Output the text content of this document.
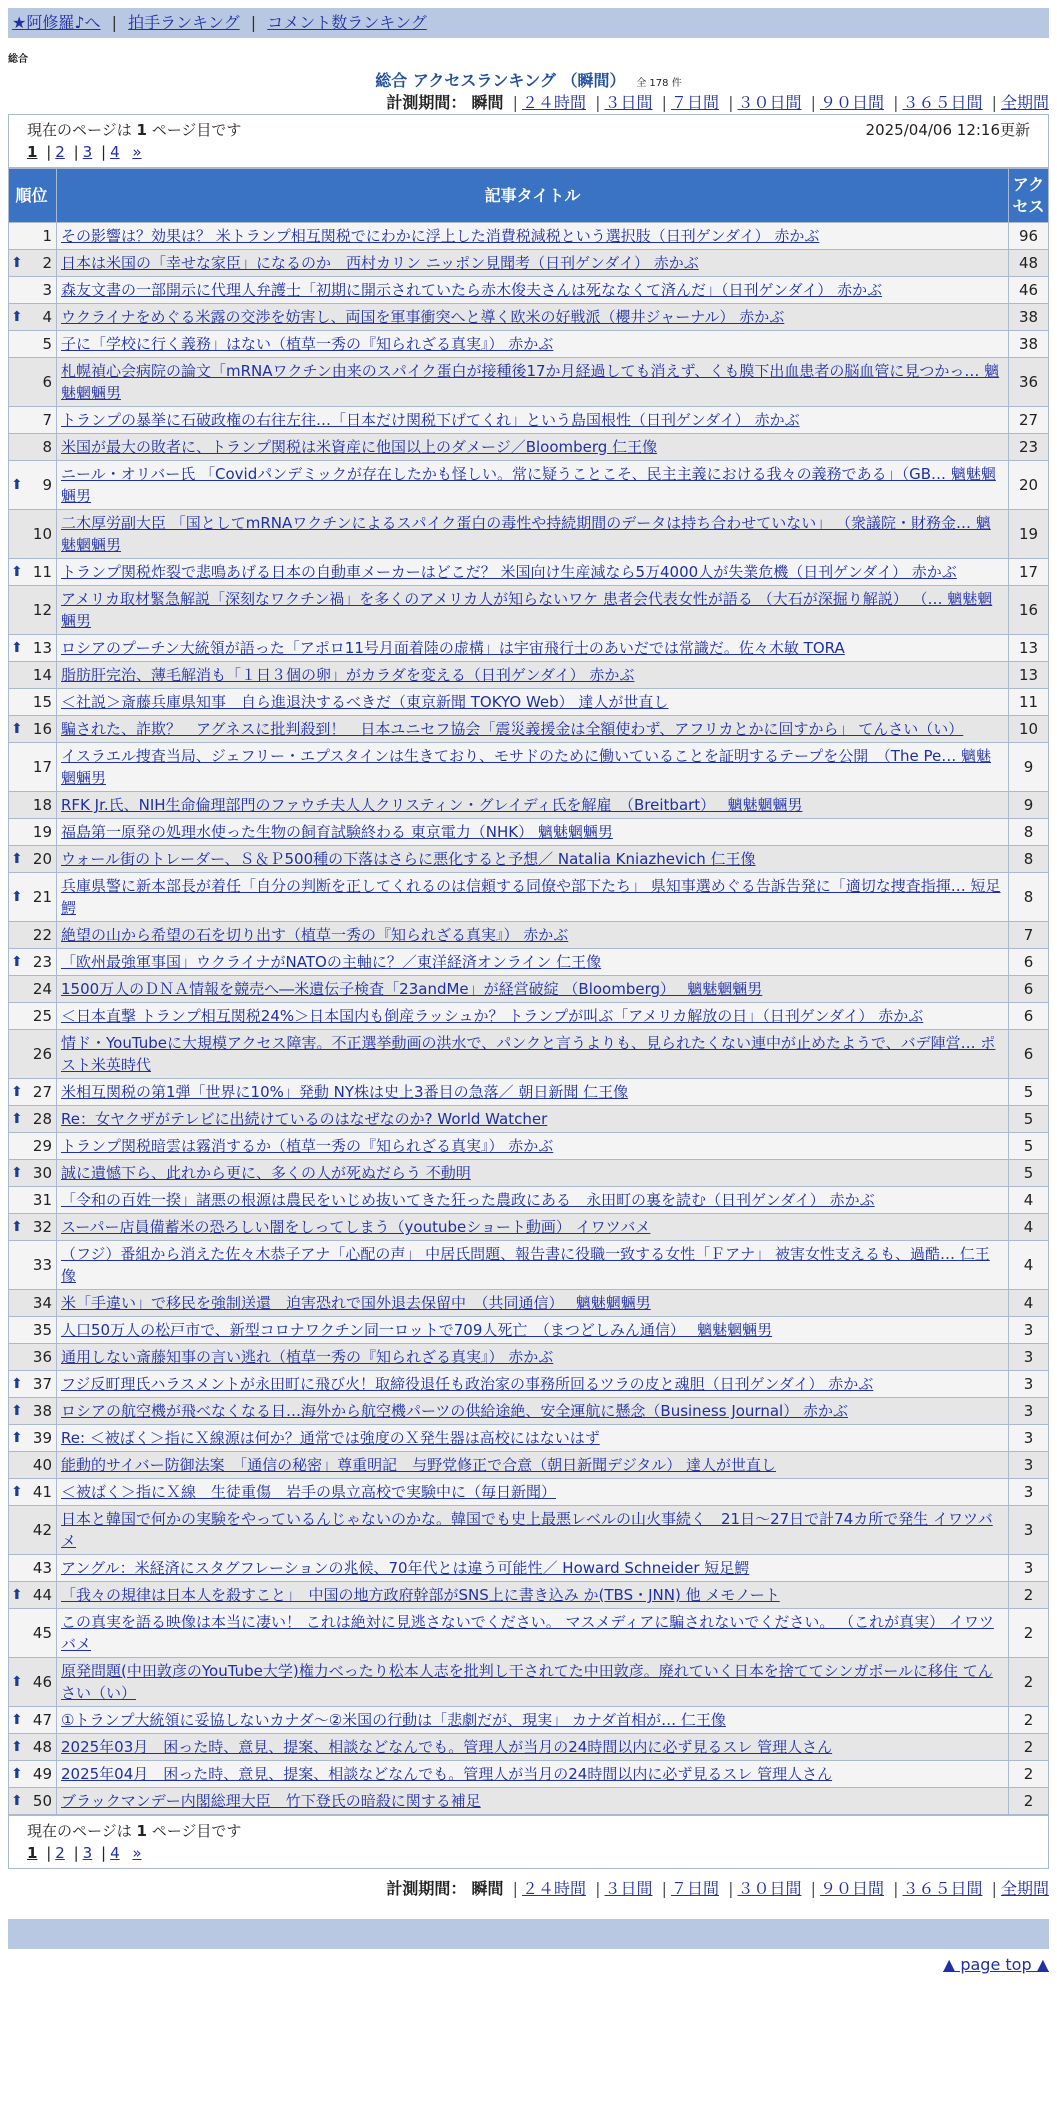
★阿修羅♪へ | 拍手ランキング | コメント数ランキング
総合
総合 アクセスランキング （瞬間） 全 178 件
計測期間： 瞬間 | ２４時間 | ３日間 | ７日間 | ３０日間 | ９０日間 | ３６５日間 | 全期間
現在のページは 1 ページ目です	2025/04/06 12:16更新
1 | 2 | 3 | 4 »
順位	記事タイトル	アクセス
1	その影響は？効果は？ 米トランプ相互関税でにわかに浮上した消費税減税という選択肢（日刊ゲンダイ） 赤かぶ	96

⬆ 2	日本は米国の「幸せな家臣」になるのか　西村カリン ニッポン見聞考（日刊ゲンダイ） 赤かぶ	48
3	森友文書の一部開示に代理人弁護士「初期に開示されていたら赤木俊夫さんは死ななくて済んだ」（日刊ゲンダイ） 赤かぶ	46

⬆ 4	ウクライナをめぐる米露の交渉を妨害し、両国を軍事衝突へと導く欧米の好戦派（櫻井ジャーナル） 赤かぶ	38
5	子に「学校に行く義務」はない（植草一秀の『知られざる真実』） 赤かぶ	38
6	札幌禎心会病院の論文「mRNAワクチン由来のスパイク蛋白が接種後17か月経過しても消えず、くも膜下出血患者の脳血管に見つかっ… 魑魅魍魎男	36
7	トランプの暴挙に石破政権の右往左往…「日本だけ関税下げてくれ」という島国根性（日刊ゲンダイ） 赤かぶ	27
8	米国が最大の敗者に、トランプ関税は米資産に他国以上のダメージ／Bloomberg 仁王像	23

⬆ 9	ニール・オリバー氏 「Covidパンデミックが存在したかも怪しい。常に疑うことこそ、民主主義における我々の義務である」（GB… 魑魅魍魎男	20
10	二木厚労副大臣 「国としてmRNAワクチンによるスパイク蛋白の毒性や持続期間のデータは持ち合わせていない」 （衆議院・財務金… 魑魅魍魎男	19

⬆ 11	トランプ関税炸裂で悲鳴あげる日本の自動車メーカーはどこだ？ 米国向け生産減なら5万4000人が失業危機（日刊ゲンダイ） 赤かぶ	17
12	アメリカ取材緊急解説「深刻なワクチン禍」を多くのアメリカ人が知らないワケ 患者会代表女性が語る （大石が深掘り解説） （… 魑魅魍魎男	16

⬆ 13	ロシアのプーチン大統領が語った「アポロ11号月面着陸の虚構」は宇宙飛行士のあいだでは常識だ。佐々木敏 TORA	13
14	脂肪肝完治、薄毛解消も「１日３個の卵」がカラダを変える（日刊ゲンダイ） 赤かぶ	13
15	＜社説＞斎藤兵庫県知事　自ら進退決するべきだ（東京新聞 TOKYO Web） 達人が世直し	11

⬆ 16	騙された、詐欺？　アグネスに批判殺到！　日本ユニセフ協会「震災義援金は全額使わず、アフリカとかに回すから」 てんさい（い）	10
17	イスラエル捜査当局、ジェフリー・エプスタインは生きており、モサドのために働いていることを証明するテープを公開　（The Pe… 魑魅魍魎男	9
18	RFK Jr.氏、NIH生命倫理部門のファウチ夫人人クリスティン・グレイディ氏を解雇　（Breitbart）　 魑魅魍魎男	9
19	福島第一原発の処理水使った生物の飼育試験終わる 東京電力（NHK） 魑魅魍魎男	8

⬆ 20	ウォール街のトレーダー、Ｓ＆Ｐ500種の下落はさらに悪化すると予想／ Natalia Kniazhevich 仁王像	8

⬆ 21	兵庫県警に新本部長が着任「自分の判断を正してくれるのは信頼する同僚や部下たち」 県知事選めぐる告訴告発に「適切な捜査指揮… 短足鰐	8
22	絶望の山から希望の石を切り出す（植草一秀の『知られざる真実』） 赤かぶ	7

⬆ 23	「欧州最強軍事国」ウクライナがNATOの主軸に？／東洋経済オンライン 仁王像	6
24	1500万人のＤＮＡ情報を競売へ―米遺伝子検査「23andMe」が経営破綻 （Bloomberg）　 魑魅魍魎男	6
25	＜日本直撃 トランプ相互関税24%＞日本国内も倒産ラッシュか？ トランプが叫ぶ「アメリカ解放の日」（日刊ゲンダイ） 赤かぶ	6
26	情ド・YouTubeに大規模アクセス障害。不正選挙動画の洪水で、パンクと言うよりも、見られたくない連中が止めたようで、バデ陣営… ポスト米英時代	6

⬆ 27	米相互関税の第1弾「世界に10%」発動 NY株は史上3番目の急落／ 朝日新聞 仁王像	5

⬆ 28	Re：女ヤクザがテレビに出続けているのはなぜなのか? World Watcher	5
29	トランプ関税暗雲は霧消するか（植草一秀の『知られざる真実』） 赤かぶ	5

⬆ 30	誠に遺憾下ら、此れから更に、多くの人が死ぬだらう 不動明	5
31	「令和の百姓一揆」諸悪の根源は農民をいじめ抜いてきた狂った農政にある　永田町の裏を読む（日刊ゲンダイ） 赤かぶ	4

⬆ 32	スーパー店員備蓄米の恐ろしい闇をしってしまう（youtubeショート動画） イワツバメ	4
33	（フジ）番組から消えた佐々木恭子アナ「心配の声」 中居氏問題、報告書に役職一致する女性「Ｆアナ」 被害女性支えるも、過酷… 仁王像	4
34	米「手違い」で移民を強制送還　迫害恐れで国外退去保留中　（共同通信）　 魑魅魍魎男	4
35	人口50万人の松戸市で、新型コロナワクチン同一ロットで709人死亡　（まつどしみん通信）　 魑魅魍魎男	3
36	通用しない斎藤知事の言い逃れ（植草一秀の『知られざる真実』） 赤かぶ	3

⬆ 37	フジ反町理氏ハラスメントが永田町に飛び火！取締役退任も政治家の事務所回るツラの皮と魂胆（日刊ゲンダイ） 赤かぶ	3

⬆ 38	ロシアの航空機が飛べなくなる日…海外から航空機パーツの供給途絶、安全運航に懸念（Business Journal） 赤かぶ	3

⬆ 39	Re: ＜被ばく＞指にＸ線源は何か？通常では強度のＸ発生器は高校にはないはず	3
40	能動的サイバー防御法案　「通信の秘密」尊重明記　与野党修正で合意（朝日新聞デジタル） 達人が世直し	3

⬆ 41	＜被ばく＞指にＸ線　生徒重傷　岩手の県立高校で実験中に（毎日新聞）	3
42	日本と韓国で何かの実験をやっているんじゃないのかな。韓国でも史上最悪レベルの山火事続く　21日～27日で計74カ所で発生 イワツバメ	3
43	アングル：米経済にスタグフレーションの兆候、70年代とは違う可能性／ Howard Schneider 短足鰐	3

⬆ 44	「我々の規律は日本人を殺すこと」　中国の地方政府幹部がSNS上に書き込み か(TBS・JNN) 他 メモノート	2
45	この真実を語る映像は本当に凄い！ これは絶対に見逃さないでください。 マスメディアに騙されないでください。 （これが真実） イワツバメ	2

⬆ 46	原発問題(中田敦彦のYouTube大学)権力べったり松本人志を批判し干されてた中田敦彦。廃れていく日本を捨ててシンガポールに移住 てんさい（い）	2

⬆ 47	①トランプ大統領に妥協しないカナダ～②米国の行動は「悲劇だが、現実」 カナダ首相が… 仁王像	2

⬆ 48	2025年03月　困った時、意見、提案、相談などなんでも。管理人が当月の24時間以内に必ず見るスレ 管理人さん	2

⬆ 49	2025年04月　困った時、意見、提案、相談などなんでも。管理人が当月の24時間以内に必ず見るスレ 管理人さん	2

⬆ 50	ブラックマンデー内閣総理大臣　竹下登氏の暗殺に関する補足	2
現在のページは 1 ページ目です
1 | 2 | 3 | 4 »
計測期間： 瞬間 | ２４時間 | ３日間 | ７日間 | ３０日間 | ９０日間 | ３６５日間 | 全期間
▲ page top ▲
